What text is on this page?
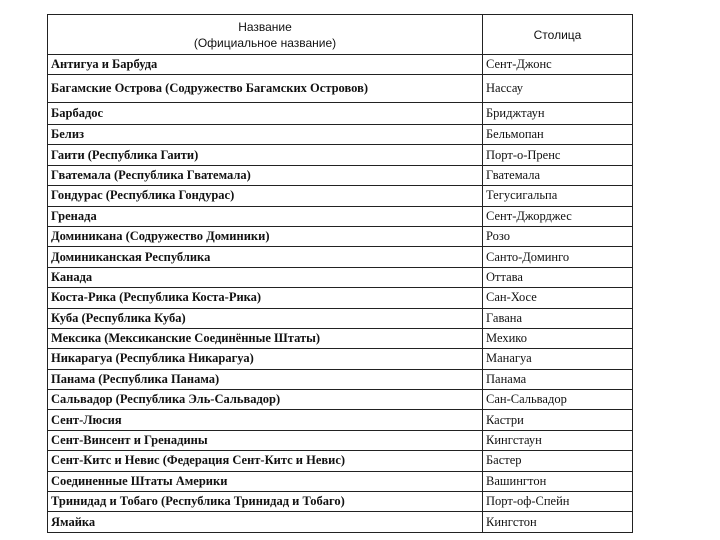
Название
(Официальное название)	Столица
Антигуа и Барбуда	Сент-Джонс
Багамские Острова (Содружество Багамских Островов)	Нассау
Барбадос	Бриджтаун
Белиз	Бельмопан
Гаити (Республика Гаити)	Порт-о-Пренс
Гватемала (Республика Гватемала)	Гватемала
Гондурас (Республика Гондурас)	Тегусигальпа
Гренада	Сент-Джорджес
Доминикана (Содружество Доминики)	Розо
Доминиканская Республика	Санто-Доминго
Канада	Оттава
Коста-Рика (Республика Коста-Рика)	Сан-Хосе
Куба (Республика Куба)	Гавана
Мексика (Мексиканские Соединённые Штаты)	Мехико
Никарагуа (Республика Никарагуа)	Манагуа
Панама (Республика Панама)	Панама
Сальвадор (Республика Эль-Сальвадор)	Сан-Сальвадор
Сент-Люсия	Кастри
Сент-Винсент и Гренадины	Кингстаун
Сент-Китс и Невис (Федерация Сент-Китс и Невис)	Бастер
Соединенные Штаты Америки	Вашингтон
Тринидад и Тобаго (Республика Тринидад и Тобаго)	Порт-оф-Спейн
Ямайка	Кингстон
